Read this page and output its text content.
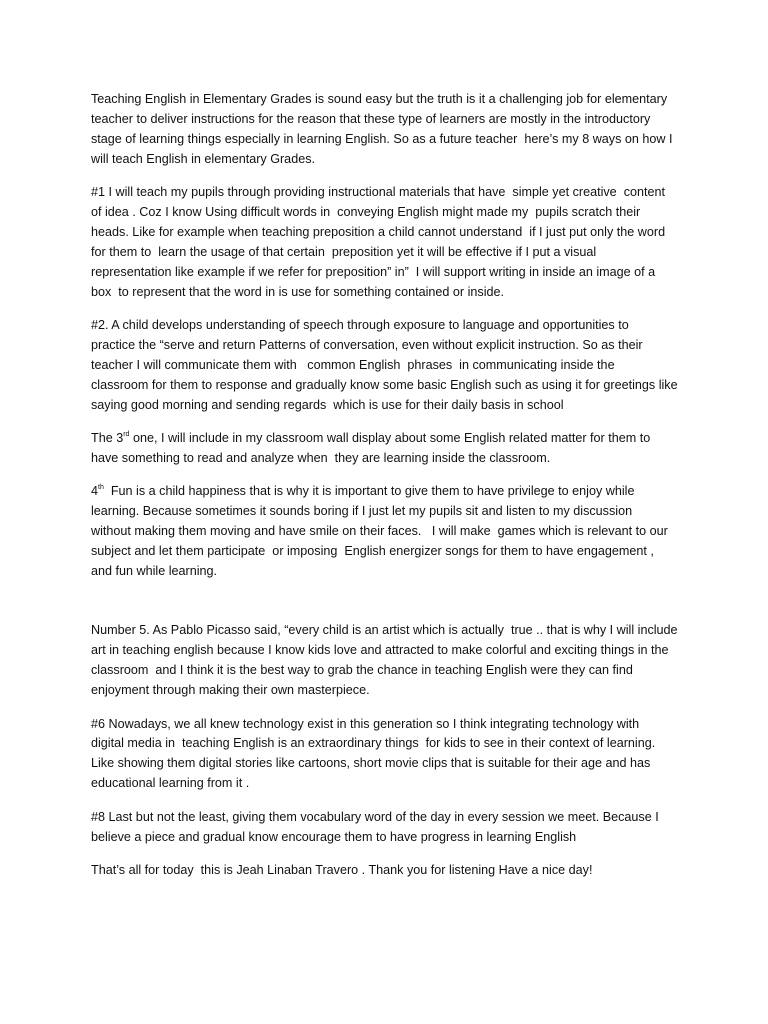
Teaching English in Elementary Grades is sound easy but the truth is it a challenging job for elementary
teacher to deliver instructions for the reason that these type of learners are mostly in the introductory
stage of learning things especially in learning English. So as a future teacher  here’s my 8 ways on how I
will teach English in elementary Grades.

#1 I will teach my pupils through providing instructional materials that have  simple yet creative  content
of idea . Coz I know Using difficult words in  conveying English might made my  pupils scratch their
heads. Like for example when teaching preposition a child cannot understand  if I just put only the word
for them to  learn the usage of that certain  preposition yet it will be effective if I put a visual
representation like example if we refer for preposition” in”  I will support writing in inside an image of a
box  to represent that the word in is use for something contained or inside.

#2. A child develops understanding of speech through exposure to language and opportunities to
practice the “serve and return Patterns of conversation, even without explicit instruction. So as their
teacher I will communicate them with   common English  phrases  in communicating inside the
classroom for them to response and gradually know some basic English such as using it for greetings like
saying good morning and sending regards  which is use for their daily basis in school

The 3rd one, I will include in my classroom wall display about some English related matter for them to
have something to read and analyze when  they are learning inside the classroom.

4th  Fun is a child happiness that is why it is important to give them to have privilege to enjoy while
learning. Because sometimes it sounds boring if I just let my pupils sit and listen to my discussion
without making them moving and have smile on their faces.   I will make  games which is relevant to our
subject and let them participate  or imposing  English energizer songs for them to have engagement ,
and fun while learning.

Number 5. As Pablo Picasso said, “every child is an artist which is actually  true .. that is why I will include
art in teaching english because I know kids love and attracted to make colorful and exciting things in the
classroom  and I think it is the best way to grab the chance in teaching English were they can find
enjoyment through making their own masterpiece.

#6 Nowadays, we all knew technology exist in this generation so I think integrating technology with
digital media in  teaching English is an extraordinary things  for kids to see in their context of learning.
Like showing them digital stories like cartoons, short movie clips that is suitable for their age and has
educational learning from it .

#8 Last but not the least, giving them vocabulary word of the day in every session we meet. Because I
believe a piece and gradual know encourage them to have progress in learning English

That’s all for today  this is Jeah Linaban Travero . Thank you for listening Have a nice day!
